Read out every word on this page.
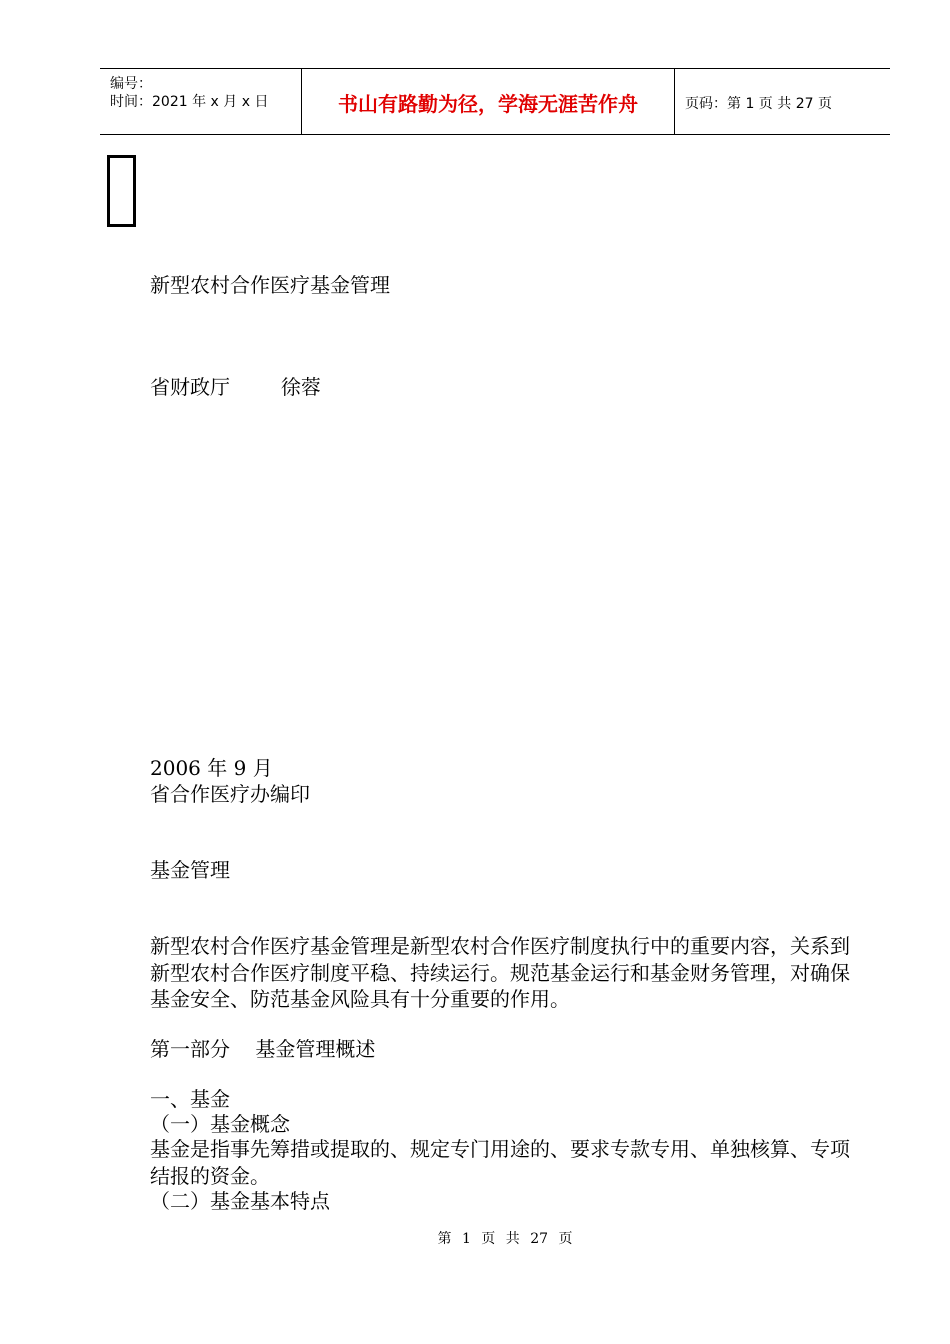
编号：
时间：2021 年 x 月 x 日	书山有路勤为径，学海无涯苦作舟	页码：第 1 页 共 27 页
新型农村合作医疗基金管理
省财政厅        徐蓉
2006 年 9 月
省合作医疗办编印
基金管理
新型农村合作医疗基金管理是新型农村合作医疗制度执行中的重要内容，关系到新型农村合作医疗制度平稳、持续运行。规范基金运行和基金财务管理，对确保基金安全、防范基金风险具有十分重要的作用。
第一部分    基金管理概述
一、基金
（一）基金概念
基金是指事先筹措或提取的、规定专门用途的、要求专款专用、单独核算、专项结报的资金。
（二）基金基本特点
第 1 页 共 27 页
